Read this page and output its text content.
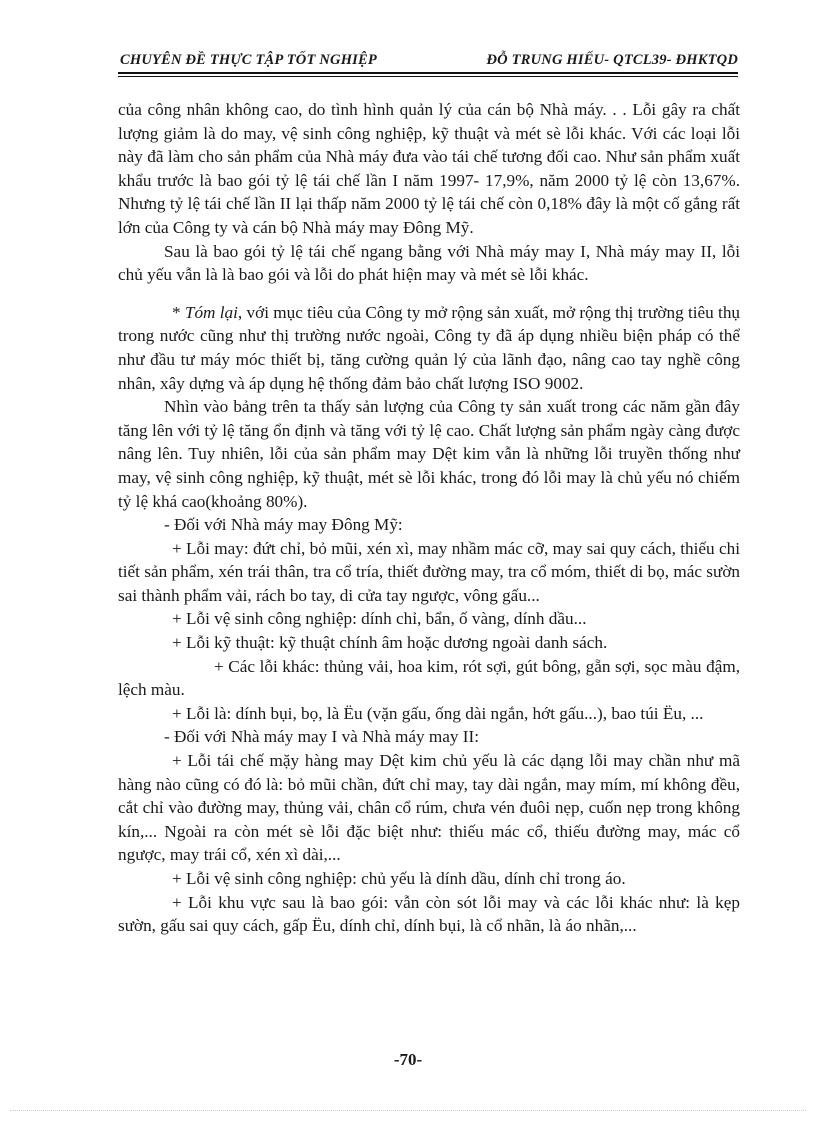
CHUYÊN ĐỀ THỰC TẬP TỐT NGHIỆP	ĐỖ TRUNG HIẾU- QTCL39- ĐHKTQD

của công nhân không cao, do tình hình quản lý của cán bộ Nhà máy. . . Lỗi gây ra chất lượng giảm là do may, vệ sinh công nghiệp, kỹ thuật và mét sè lỗi khác. Với các loại lỗi này đã làm cho sản phẩm của Nhà máy đưa vào tái chế tương đối cao. Như sản phẩm xuất khẩu trước là bao gói tỷ lệ tái chế lần I năm 1997- 17,9%, năm 2000 tỷ lệ còn 13,67%. Nhưng tỷ lệ tái chế lần II lại thấp năm 2000 tỷ lệ tái chế còn 0,18% đây là một cố gắng rất lớn của Công ty và cán bộ Nhà máy may Đông Mỹ.

Sau là bao gói tỷ lệ tái chế ngang bằng với Nhà máy may I, Nhà máy may II, lỗi chủ yếu vẫn là là bao gói và lỗi do phát hiện may và mét sè lỗi khác.

* Tóm lại, với mục tiêu của Công ty mở rộng sản xuất, mở rộng thị trường tiêu thụ trong nước cũng như thị trường nước ngoài, Công ty đã áp dụng nhiều biện pháp có thể như đầu tư máy móc thiết bị, tăng cường quản lý của lãnh đạo, nâng cao tay nghề công nhân, xây dựng và áp dụng hệ thống đảm bảo chất lượng ISO 9002.

Nhìn vào bảng trên ta thấy sản lượng của Công ty sản xuất trong các năm gần đây tăng lên với tỷ lệ tăng ổn định và tăng với tỷ lệ cao. Chất lượng sản phẩm ngày càng được nâng lên. Tuy nhiên, lỗi của sản phẩm may Dệt kim vẫn là những lỗi truyền thống như may, vệ sinh công nghiệp, kỹ thuật, mét sè lỗi khác, trong đó lỗi may là chủ yếu nó chiếm tỷ lệ khá cao(khoảng 80%).

- Đối với Nhà máy may Đông Mỹ:

+ Lỗi may: đứt chỉ, bỏ mũi, xén xì, may nhầm mác cỡ, may sai quy cách, thiếu chi tiết sản phẩm, xén trái thân, tra cổ tría, thiết đường may, tra cổ móm, thiết di bọ, mác sườn sai thành phẩm vải, rách bo tay, di cửa tay ngược, vông gấu...

+ Lỗi vệ sinh công nghiệp: dính chỉ, bẩn, ố vàng, dính dầu...

+ Lỗi kỹ thuật: kỹ thuật chính âm hoặc dương ngoài danh sách.

+ Các lỗi khác: thủng vải, hoa kim, rót sợi, gút bông, gẵn sợi, sọc màu đậm, lệch màu.

+ Lỗi là: dính bụi, bọ, là Ëu (vặn gấu, ống dài ngắn, hớt gấu...), bao túi Ëu, ...

- Đối với Nhà máy may I và Nhà máy may II:

+ Lỗi tái chế mặy hàng may Dệt kim chủ yếu là các dạng lỗi may chần như mã hàng nào cũng có đó là: bỏ mũi chần, đứt chỉ may, tay dài ngắn, may mím, mí không đều, cắt chỉ vào đường may, thủng vải, chân cổ rúm, chưa vén đuôi nẹp, cuốn nẹp trong không kín,... Ngoài ra còn mét sè lỗi đặc biệt như: thiếu mác cổ, thiếu đường may, mác cổ ngược, may trái cổ, xén xì dài,...

+ Lỗi vệ sinh công nghiệp: chủ yếu là dính dầu, dính chỉ trong áo.

+ Lỗi khu vực sau là bao gói: vẫn còn sót lỗi may và các lỗi khác như: là kẹp sườn, gấu sai quy cách, gấp Ëu, dính chỉ, dính bụi, là cổ nhãn, là áo nhãn,...

-70-
